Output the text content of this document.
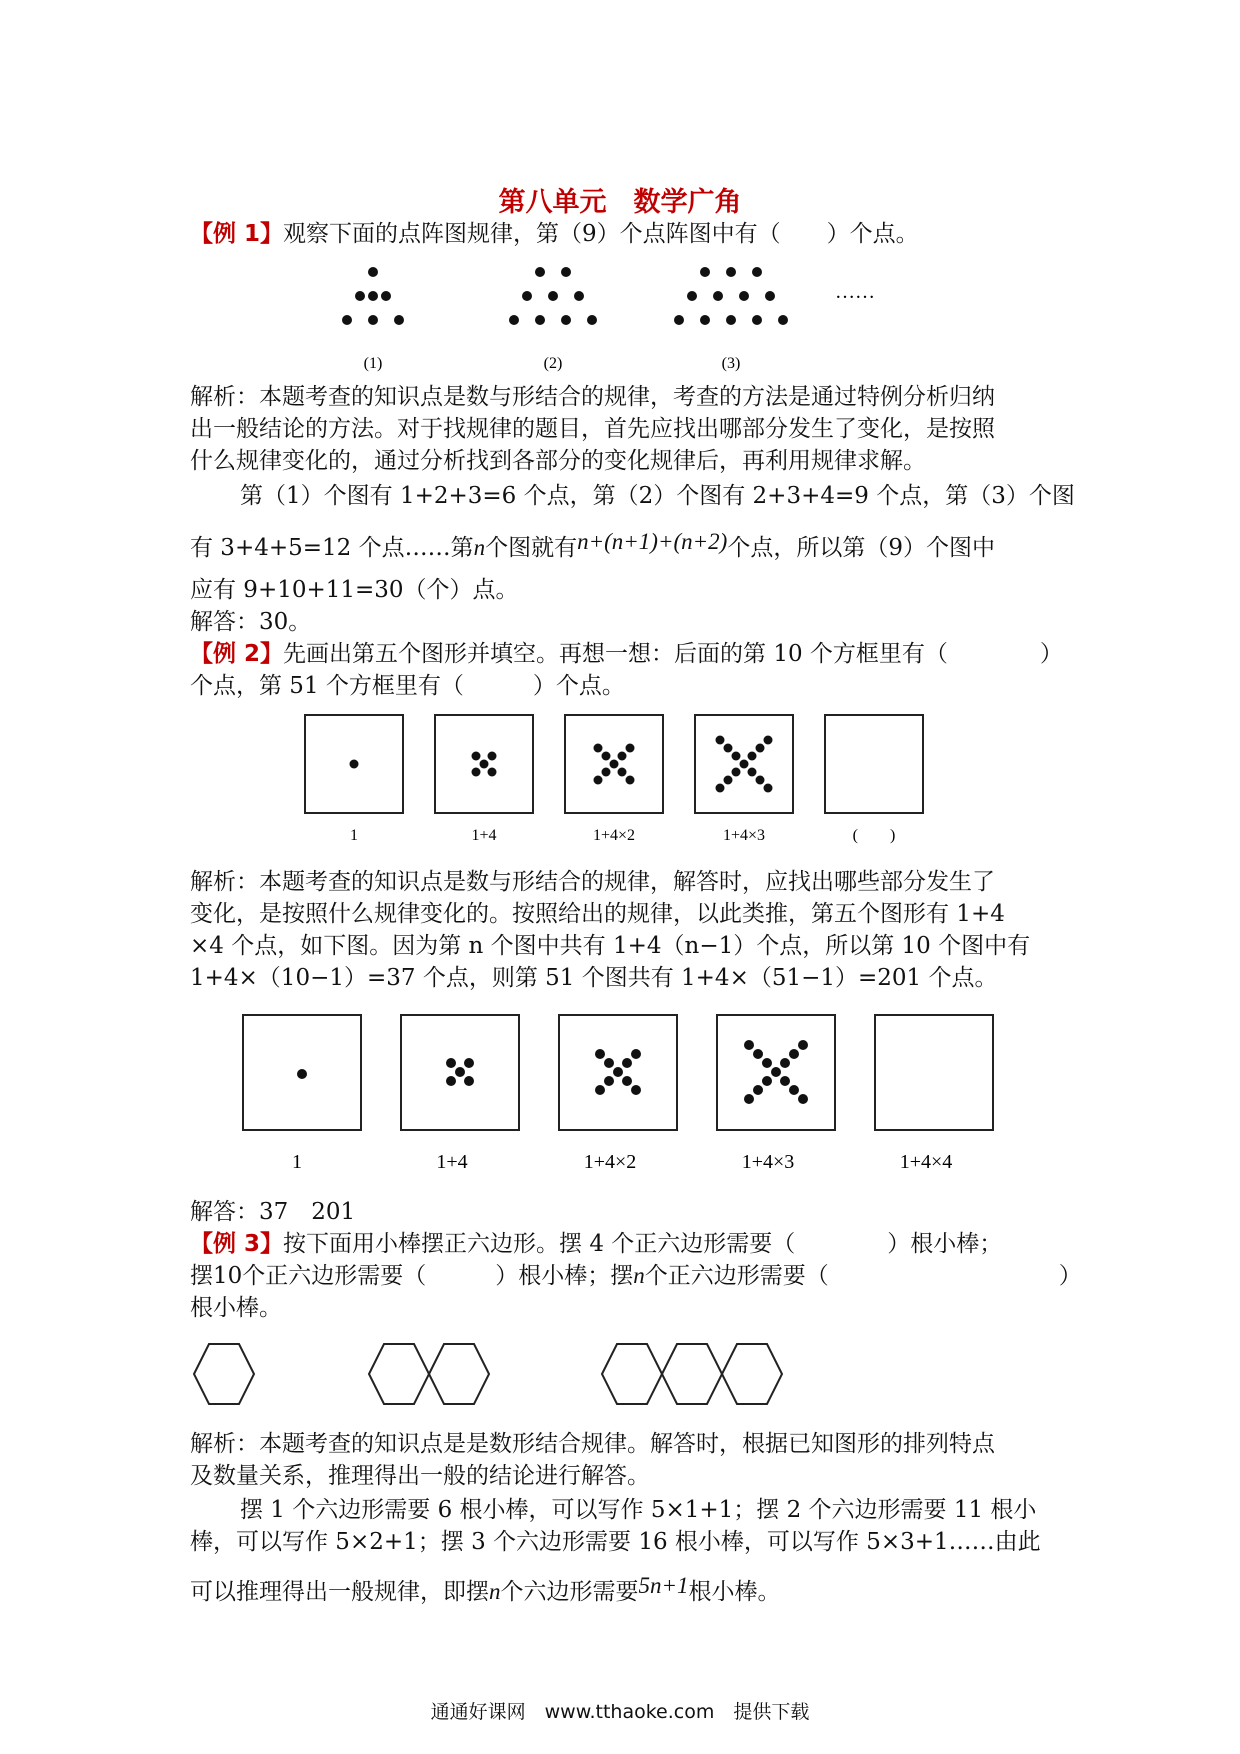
第八单元　数学广角
【例 1】观察下面的点阵图规律，第（9）个点阵图中有（　　）个点。
……
(1)	(2)	(3)
解析：本题考查的知识点是数与形结合的规律，考查的方法是通过特例分析归纳
出一般结论的方法。对于找规律的题目，首先应找出哪部分发生了变化，是按照
什么规律变化的，通过分析找到各部分的变化规律后，再利用规律求解。
第（1）个图有 1+2+3=6 个点，第（2）个图有 2+3+4=9 个点，第（3）个图
有 3+4+5=12 个点……第n个图就有n+(n+1)+(n+2)个点，所以第（9）个图中
应有 9+10+11=30（个）点。
解答：30。
【例 2】先画出第五个图形并填空。再想一想：后面的第 10 个方框里有（　　　　）
个点，第 51 个方框里有（　　　）个点。
1	1+4	1+4×2	1+4×3	(　　)
解析：本题考查的知识点是数与形结合的规律，解答时，应找出哪些部分发生了
变化，是按照什么规律变化的。按照给出的规律，以此类推，第五个图形有 1+4
×4 个点，如下图。因为第 n 个图中共有 1+4（n−1）个点，所以第 10 个图中有
1+4×（10−1）=37 个点，则第 51 个图共有 1+4×（51−1）=201 个点。
1	1+4	1+4×2	1+4×3	1+4×4
解答：37　201
【例 3】按下面用小棒摆正六边形。摆 4 个正六边形需要（　　　　）根小棒；
摆10个正六边形需要（　　　）根小棒；摆n个正六边形需要（　　　　　　　　　　）
根小棒。
解析：本题考查的知识点是是数形结合规律。解答时，根据已知图形的排列特点
及数量关系，推理得出一般的结论进行解答。
摆 1 个六边形需要 6 根小棒，可以写作 5×1+1；摆 2 个六边形需要 11 根小
棒，可以写作 5×2+1；摆 3 个六边形需要 16 根小棒，可以写作 5×3+1……由此
可以推理得出一般规律，即摆n个六边形需要5n+1根小棒。
通通好课网　www.tthaoke.com　提供下载
